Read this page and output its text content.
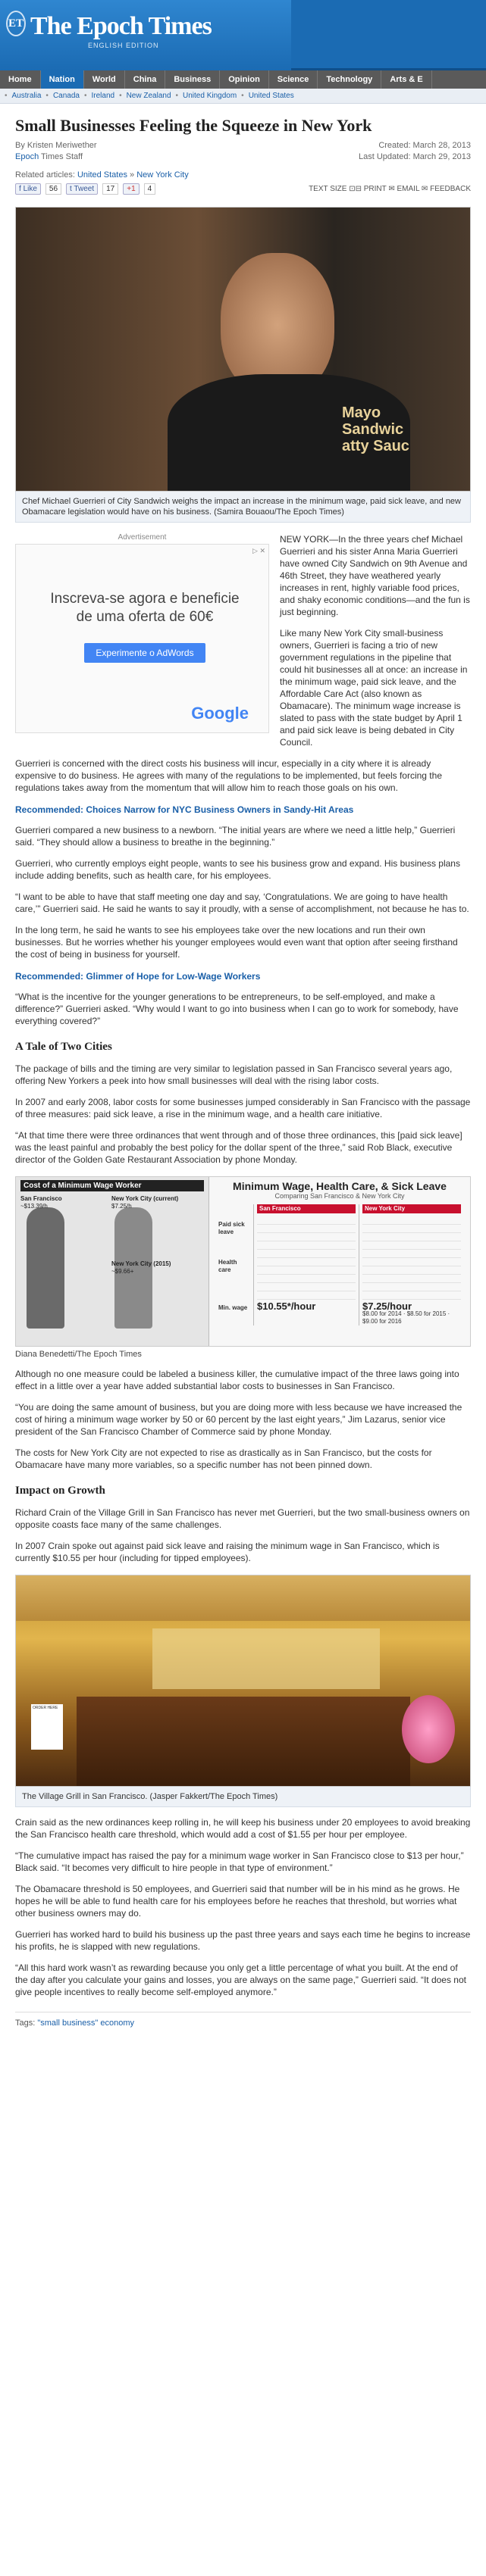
ET The Epoch Times
ENGLISH EDITION
Home	Nation	World	China	Business	Opinion	Science	Technology	Arts & E
• Australia • Canada • Ireland • New Zealand • United Kingdom • United States
Small Businesses Feeling the Squeeze in New York
By Kristen Meriwether
Epoch Times Staff
Created: March 28, 2013
Last Updated: March 29, 2013
Related articles: United States » New York City
f Like	56	t Tweet	17	+1	4	TEXT SIZE ⊡⊟ PRINT ✉ EMAIL ✉ FEEDBACK
Mayo
Sandwic
atty Sauc
Chef Michael Guerrieri of City Sandwich weighs the impact an increase in the minimum wage, paid sick leave, and new Obamacare legislation would have on his business. (Samira Bouaou/The Epoch Times)
Advertisement
▷ ✕
Inscreva-se agora e beneficie de uma oferta de 60€
Experimente o AdWords
Google

NEW YORK—In the three years chef Michael Guerrieri and his sister Anna Maria Guerrieri have owned City Sandwich on 9th Avenue and 46th Street, they have weathered yearly increases in rent, highly variable food prices, and shaky economic conditions—and the fun is just beginning.

Like many New York City small-business owners, Guerrieri is facing a trio of new government regulations in the pipeline that could hit businesses all at once: an increase in the minimum wage, paid sick leave, and the Affordable Care Act (also known as Obamacare). The minimum wage increase is slated to pass with the state budget by April 1 and paid sick leave is being debated in City Council.

Guerrieri is concerned with the direct costs his business will incur, especially in a city where it is already expensive to do business. He agrees with many of the regulations to be implemented, but feels forcing the regulations takes away from the momentum that will allow him to reach those goals on his own.

Recommended: Choices Narrow for NYC Business Owners in Sandy-Hit Areas

Guerrieri compared a new business to a newborn. “The initial years are where we need a little help,” Guerrieri said. “They should allow a business to breathe in the beginning.”

Guerrieri, who currently employs eight people, wants to see his business grow and expand. His business plans include adding benefits, such as health care, for his employees.

“I want to be able to have that staff meeting one day and say, ‘Congratulations. We are going to have health care,’” Guerrieri said. He said he wants to say it proudly, with a sense of accomplishment, not because he has to.

In the long term, he said he wants to see his employees take over the new locations and run their own businesses. But he worries whether his younger employees would even want that option after seeing firsthand the cost of being in business for yourself.

Recommended: Glimmer of Hope for Low-Wage Workers

“What is the incentive for the younger generations to be entrepreneurs, to be self-employed, and make a difference?” Guerrieri asked. “Why would I want to go into business when I can go to work for somebody, have everything covered?”

A Tale of Two Cities

The package of bills and the timing are very similar to legislation passed in San Francisco several years ago, offering New Yorkers a peek into how small businesses will deal with the rising labor costs.

In 2007 and early 2008, labor costs for some businesses jumped considerably in San Francisco with the passage of three measures: paid sick leave, a rise in the minimum wage, and a health care initiative.

“At that time there were three ordinances that went through and of those three ordinances, this [paid sick leave] was the least painful and probably the best policy for the dollar spent of the three,” said Rob Black, executive director of the Golden Gate Restaurant Association by phone Monday.

Cost of a Minimum Wage Worker
San Francisco
~$13.39/h
New York City (current)
$7.25/h
New York City (2015)
~$9.66+
Minimum Wage, Health Care, & Sick Leave
Comparing San Francisco & New York City
Paid sick leave
Health care
Min. wage
San Francisco
$10.55*/hour
New York City
$7.25/hour
$8.00 for 2014 · $8.50 for 2015 · $9.00 for 2016
Diana Benedetti/The Epoch Times

Although no one measure could be labeled a business killer, the cumulative impact of the three laws going into effect in a little over a year have added substantial labor costs to businesses in San Francisco.

“You are doing the same amount of business, but you are doing more with less because we have increased the cost of hiring a minimum wage worker by 50 or 60 percent by the last eight years,” Jim Lazarus, senior vice president of the San Francisco Chamber of Commerce said by phone Monday.

The costs for New York City are not expected to rise as drastically as in San Francisco, but the costs for Obamacare have many more variables, so a specific number has not been pinned down.

Impact on Growth

Richard Crain of the Village Grill in San Francisco has never met Guerrieri, but the two small-business owners on opposite coasts face many of the same challenges.

In 2007 Crain spoke out against paid sick leave and raising the minimum wage in San Francisco, which is currently $10.55 per hour (including for tipped employees).

ORDER HERE
The Village Grill in San Francisco. (Jasper Fakkert/The Epoch Times)

Crain said as the new ordinances keep rolling in, he will keep his business under 20 employees to avoid breaking the San Francisco health care threshold, which would add a cost of $1.55 per hour per employee.

“The cumulative impact has raised the pay for a minimum wage worker in San Francisco close to $13 per hour,” Black said. “It becomes very difficult to hire people in that type of environment.”

The Obamacare threshold is 50 employees, and Guerrieri said that number will be in his mind as he grows. He hopes he will be able to fund health care for his employees before he reaches that threshold, but worries what other business owners may do.

Guerrieri has worked hard to build his business up the past three years and says each time he begins to increase his profits, he is slapped with new regulations.

“All this hard work wasn’t as rewarding because you only get a little percentage of what you built. At the end of the day after you calculate your gains and losses, you are always on the same page,” Guerrieri said. “It does not give people incentives to really become self-employed anymore.”

Tags: "small business" economy
